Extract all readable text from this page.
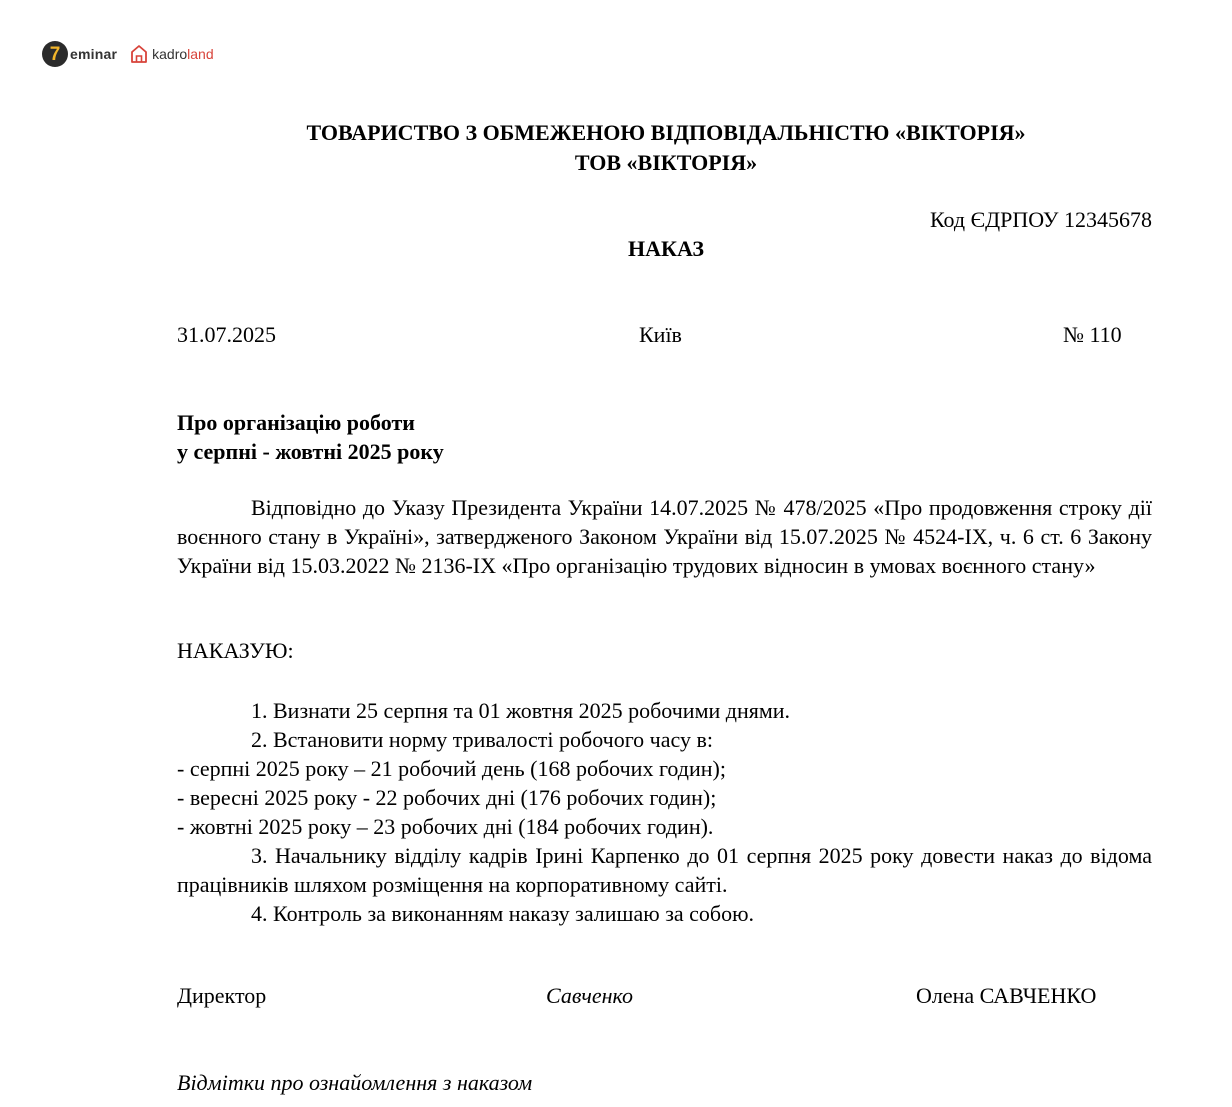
7 eminar	kadroland
ТОВАРИСТВО З ОБМЕЖЕНОЮ ВІДПОВІДАЛЬНІСТЮ «ВІКТОРІЯ»
ТОВ «ВІКТОРІЯ»
Код ЄДРПОУ 12345678
НАКАЗ
31.07.2025	Київ	№ 110
Про організацію роботи
у серпні - жовтні 2025 року

Відповідно до Указу Президента України 14.07.2025 № 478/2025 «Про продовження строку дії воєнного стану в Україні», затвердженого Законом України від 15.07.2025 № 4524-IX, ч. 6 ст. 6 Закону України від 15.03.2022 № 2136-IX «Про організацію трудових відносин в умовах воєнного стану»

НАКАЗУЮ:
1. Визнати 25 серпня та 01 жовтня 2025 робочими днями.
2. Встановити норму тривалості робочого часу в:
- серпні 2025 року – 21 робочий день (168 робочих годин);
- вересні 2025 року - 22 робочих дні (176 робочих годин);
- жовтні 2025 року – 23 робочих дні (184 робочих годин).
3. Начальнику відділу кадрів Ірині Карпенко до 01 серпня 2025 року довести наказ до відома працівників шляхом розміщення на корпоративному сайті.
4. Контроль за виконанням наказу залишаю за собою.
Директор	Савченко	Олена САВЧЕНКО
Відмітки про ознайомлення з наказом
